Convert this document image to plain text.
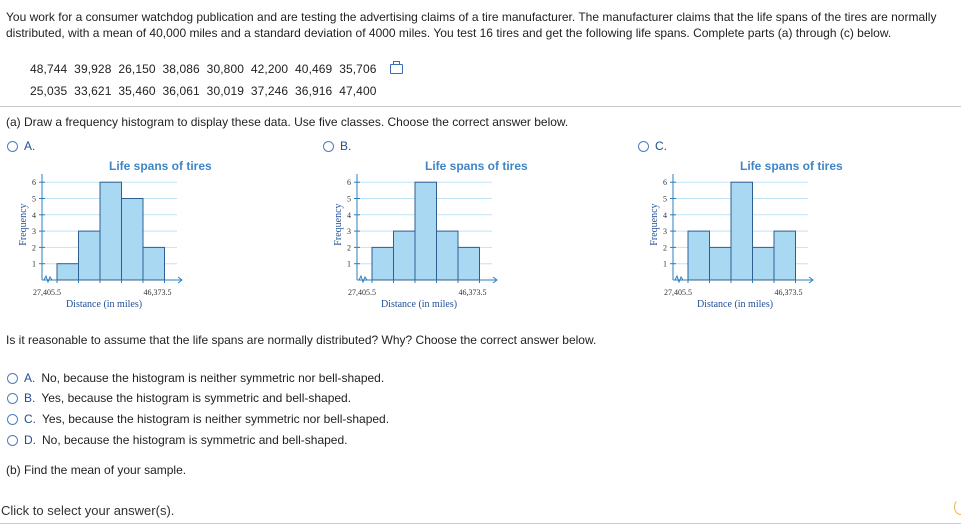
You work for a consumer watchdog publication and are testing the advertising claims of a tire manufacturer. The manufacturer claims that the life spans of the tires are normally distributed, with a mean of 40,000 miles and a standard deviation of 4000 miles. You test 16 tires and get the following life spans. Complete parts (a) through (c) below.
48,744  39,928  26,150  38,086  30,800  42,200  40,469  35,706
25,035  33,621  35,460  36,061  30,019  37,246  36,916  47,400
(a) Draw a frequency histogram to display these data. Use five classes. Choose the correct answer below.
A.	B.	C.
Life spans of tires	Life spans of tires	Life spans of tires
1
2
3
4
5
6
27,405.5	46,373.5
Distance (in miles)
Frequency
1
2
3
4
5
6
27,405.5	46,373.5
Distance (in miles)
Frequency
1
2
3
4
5
6
27,405.5	46,373.5
Distance (in miles)
Frequency
Is it reasonable to assume that the life spans are normally distributed? Why? Choose the correct answer below.
A. No, because the histogram is neither symmetric nor bell-shaped.
B. Yes, because the histogram is symmetric and bell-shaped.
C. Yes, because the histogram is neither symmetric nor bell-shaped.
D. No, because the histogram is symmetric and bell-shaped.
(b) Find the mean of your sample.
Click to select your answer(s).
